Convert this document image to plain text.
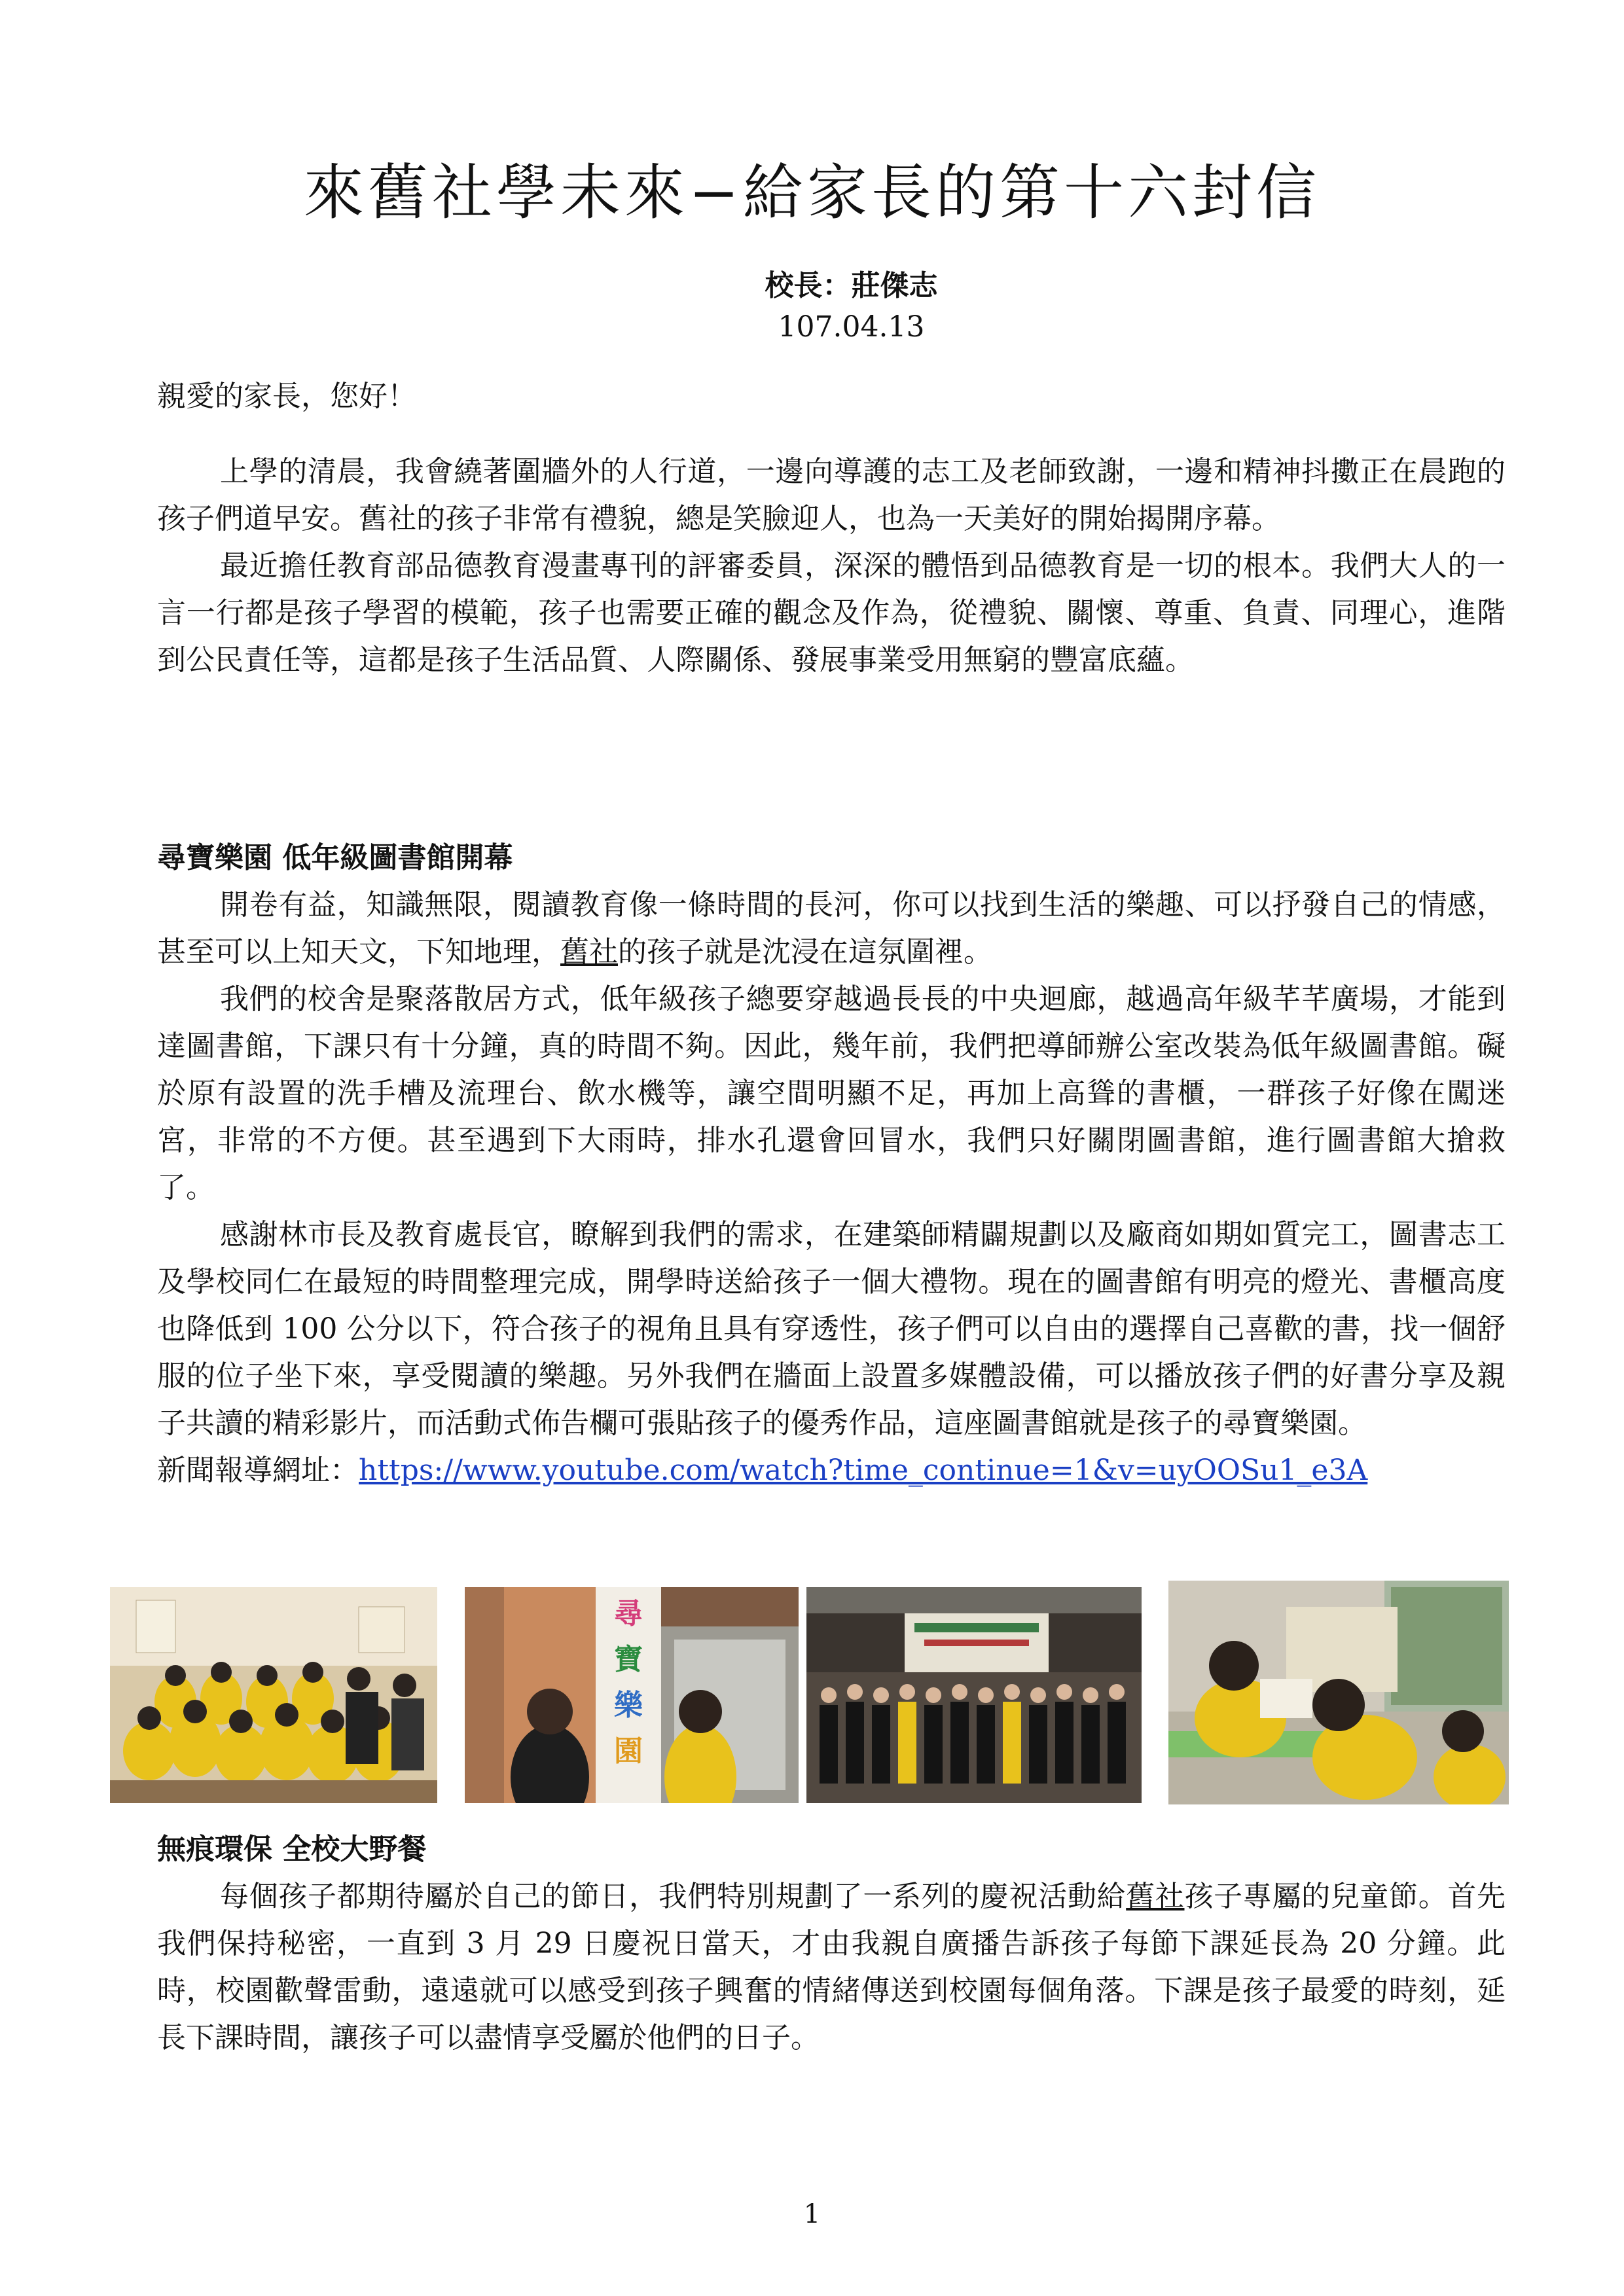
來舊社學未來−給家長的第十六封信
校長：莊傑志
107.04.13
親愛的家長，您好！

上學的清晨，我會繞著圍牆外的人行道，一邊向導護的志工及老師致謝，一邊和精神抖擻正在晨跑的孩子們道早安。舊社的孩子非常有禮貌，總是笑臉迎人，也為一天美好的開始揭開序幕。

最近擔任教育部品德教育漫畫專刊的評審委員，深深的體悟到品德教育是一切的根本。我們大人的一言一行都是孩子學習的模範，孩子也需要正確的觀念及作為，從禮貌、關懷、尊重、負責、同理心，進階到公民責任等，這都是孩子生活品質、人際關係、發展事業受用無窮的豐富底蘊。

尋寶樂園 低年級圖書館開幕

開卷有益，知識無限，閱讀教育像一條時間的長河，你可以找到生活的樂趣、可以抒發自己的情感，甚至可以上知天文，下知地理，舊社的孩子就是沈浸在這氛圍裡。

我們的校舍是聚落散居方式，低年級孩子總要穿越過長長的中央迴廊，越過高年級芊芊廣場，才能到達圖書館，下課只有十分鐘，真的時間不夠。因此，幾年前，我們把導師辦公室改裝為低年級圖書館。礙於原有設置的洗手槽及流理台、飲水機等，讓空間明顯不足，再加上高聳的書櫃，一群孩子好像在闖迷宮，非常的不方便。甚至遇到下大雨時，排水孔還會回冒水，我們只好關閉圖書館，進行圖書館大搶救了。

感謝林市長及教育處長官，瞭解到我們的需求，在建築師精闢規劃以及廠商如期如質完工，圖書志工及學校同仁在最短的時間整理完成，開學時送給孩子一個大禮物。現在的圖書館有明亮的燈光、書櫃高度也降低到 100 公分以下，符合孩子的視角且具有穿透性，孩子們可以自由的選擇自己喜歡的書，找一個舒服的位子坐下來，享受閱讀的樂趣。另外我們在牆面上設置多媒體設備，可以播放孩子們的好書分享及親子共讀的精彩影片，而活動式佈告欄可張貼孩子的優秀作品，這座圖書館就是孩子的尋寶樂園。

新聞報導網址：https://www.youtube.com/watch?time_continue=1&v=uyOOSu1_e3A

尋
寶
樂
園

無痕環保 全校大野餐

每個孩子都期待屬於自己的節日，我們特別規劃了一系列的慶祝活動給舊社孩子專屬的兒童節。首先我們保持秘密，一直到 3 月 29 日慶祝日當天，才由我親自廣播告訴孩子每節下課延長為 20 分鐘。此時，校園歡聲雷動，遠遠就可以感受到孩子興奮的情緒傳送到校園每個角落。下課是孩子最愛的時刻，延長下課時間，讓孩子可以盡情享受屬於他們的日子。

1
